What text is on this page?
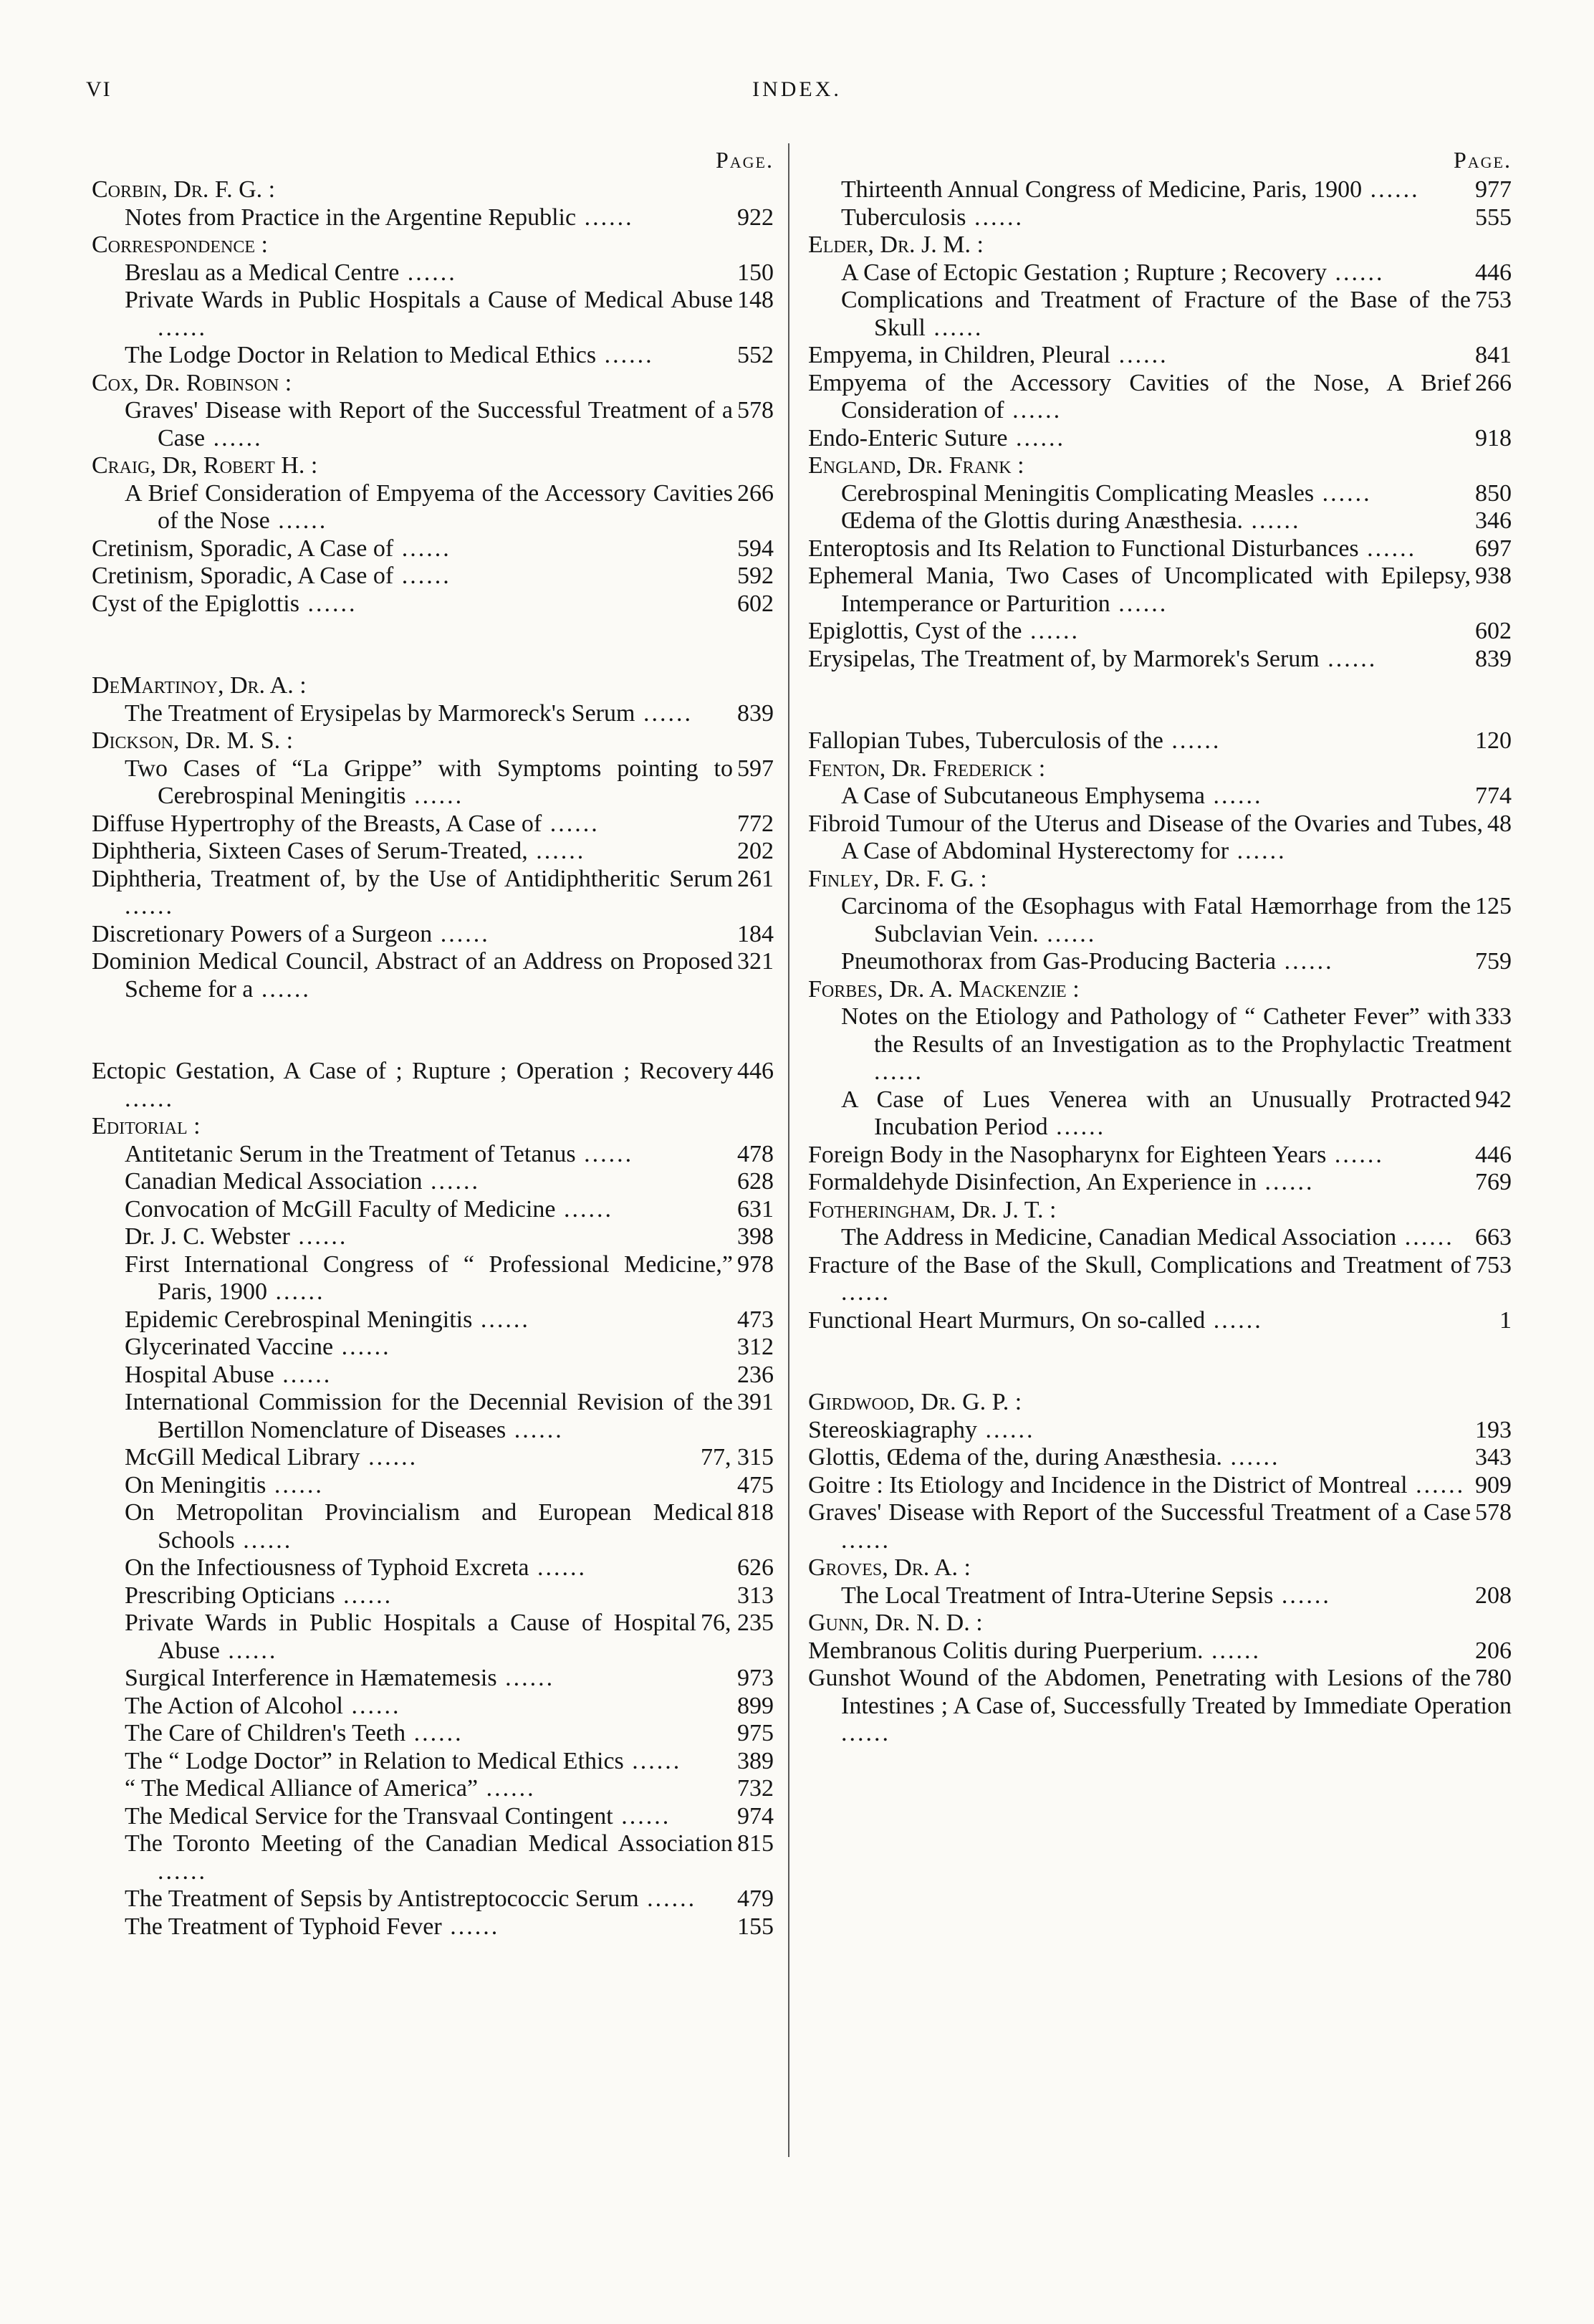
VI	INDEX.
Page.
Corbin, Dr. F. G. :
922
Notes from Practice in the Argentine Republic ......
Correspondence :
150
Breslau as a Medical Centre ......
148
Private Wards in Public Hospitals a Cause of Medical Abuse ......
552
The Lodge Doctor in Relation to Medical Ethics ......
Cox, Dr. Robinson :
578
Graves' Disease with Report of the Successful Treatment of a Case ......
Craig, Dr, Robert H. :
266
A Brief Consideration of Empyema of the Accessory Cavities of the Nose ......
594
Cretinism, Sporadic, A Case of ......
592
Cretinism, Sporadic, A Case of ......
602
Cyst of the Epiglottis ......
DeMartinoy, Dr. A. :
839
The Treatment of Erysipelas by Marmoreck's Serum ......
Dickson, Dr. M. S. :
597
Two Cases of “La Grippe” with Symptoms pointing to Cerebrospinal Meningitis ......
772
Diffuse Hypertrophy of the Breasts, A Case of ......
202
Diphtheria, Sixteen Cases of Serum-Treated, ......
261
Diphtheria, Treatment of, by the Use of Antidiphtheritic Serum ......
184
Discretionary Powers of a Surgeon ......
321
Dominion Medical Council, Abstract of an Address on Proposed Scheme for a ......
446
Ectopic Gestation, A Case of ; Rupture ; Operation ; Recovery ......
Editorial :
478
Antitetanic Serum in the Treatment of Tetanus ......
628
Canadian Medical Association ......
631
Convocation of McGill Faculty of Medicine ......
398
Dr. J. C. Webster ......
978
First International Congress of “ Professional Medicine,” Paris, 1900 ......
473
Epidemic Cerebrospinal Meningitis ......
312
Glycerinated Vaccine ......
236
Hospital Abuse ......
391
International Commission for the Decennial Revision of the Bertillon Nomenclature of Diseases ......
77, 315
McGill Medical Library ......
475
On Meningitis ......
818
On Metropolitan Provincialism and European Medical Schools ......
626
On the Infectiousness of Typhoid Excreta ......
313
Prescribing Opticians ......
76, 235
Private Wards in Public Hospitals a Cause of Hospital Abuse ......
973
Surgical Interference in Hæmatemesis ......
899
The Action of Alcohol ......
975
The Care of Children's Teeth ......
389
The “ Lodge Doctor” in Relation to Medical Ethics ......
732
“ The Medical Alliance of America” ......
974
The Medical Service for the Transvaal Contingent ......
815
The Toronto Meeting of the Canadian Medical Association ......
479
The Treatment of Sepsis by Antistreptococcic Serum ......
155
The Treatment of Typhoid Fever ......
Page.
977
Thirteenth Annual Congress of Medicine, Paris, 1900 ......
555
Tuberculosis ......
Elder, Dr. J. M. :
446
A Case of Ectopic Gestation ; Rupture ; Recovery ......
753
Complications and Treatment of Fracture of the Base of the Skull ......
841
Empyema, in Children, Pleural ......
266
Empyema of the Accessory Cavities of the Nose, A Brief Consideration of ......
918
Endo-Enteric Suture ......
England, Dr. Frank :
850
Cerebrospinal Meningitis Complicating Measles ......
346
Œdema of the Glottis during Anæsthesia. ......
697
Enteroptosis and Its Relation to Functional Disturbances ......
938
Ephemeral Mania, Two Cases of Uncomplicated with Epilepsy, Intemperance or Parturition ......
602
Epiglottis, Cyst of the ......
839
Erysipelas, The Treatment of, by Marmorek's Serum ......
120
Fallopian Tubes, Tuberculosis of the ......
Fenton, Dr. Frederick :
774
A Case of Subcutaneous Emphysema ......
48
Fibroid Tumour of the Uterus and Disease of the Ovaries and Tubes, A Case of Abdominal Hysterectomy for ......
Finley, Dr. F. G. :
125
Carcinoma of the Œsophagus with Fatal Hæmorrhage from the Subclavian Vein. ......
759
Pneumothorax from Gas-Producing Bacteria ......
Forbes, Dr. A. Mackenzie :
333
Notes on the Etiology and Pathology of “ Catheter Fever” with the Results of an Investigation as to the Prophylactic Treatment ......
942
A Case of Lues Venerea with an Unusually Protracted Incubation Period ......
446
Foreign Body in the Nasopharynx for Eighteen Years ......
769
Formaldehyde Disinfection, An Experience in ......
Fotheringham, Dr. J. T. :
663
The Address in Medicine, Canadian Medical Association ......
753
Fracture of the Base of the Skull, Complications and Treatment of ......
1
Functional Heart Murmurs, On so-called ......
Girdwood, Dr. G. P. :
193
Stereoskiagraphy ......
343
Glottis, Œdema of the, during Anæsthesia. ......
909
Goitre : Its Etiology and Incidence in the District of Montreal ......
578
Graves' Disease with Report of the Successful Treatment of a Case ......
Groves, Dr. A. :
208
The Local Treatment of Intra-Uterine Sepsis ......
Gunn, Dr. N. D. :
206
Membranous Colitis during Puerperium. ......
780
Gunshot Wound of the Abdomen, Penetrating with Lesions of the Intestines ; A Case of, Successfully Treated by Immediate Operation ......
